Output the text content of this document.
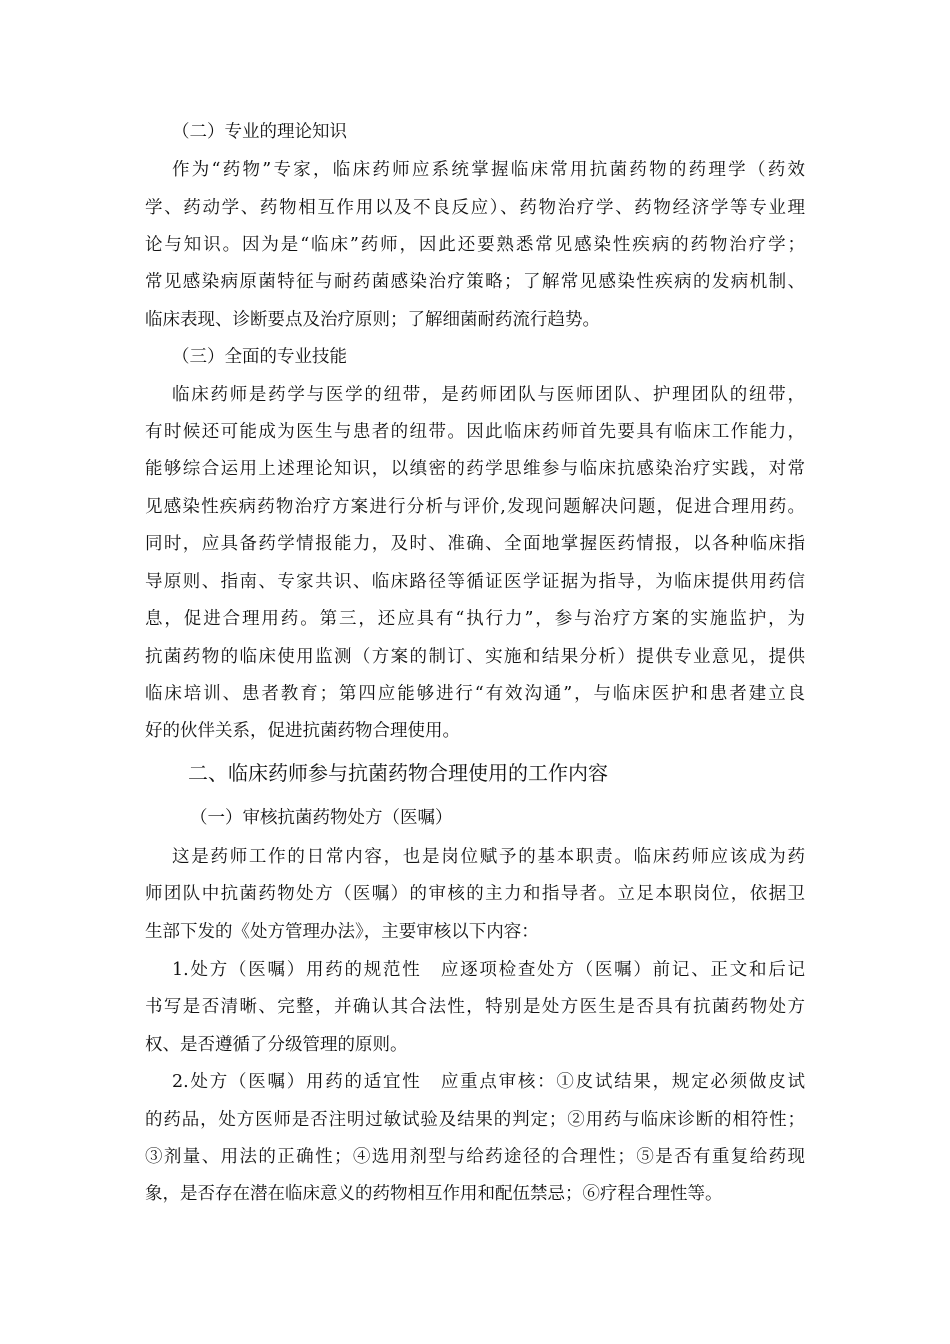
（二）专业的理论知识
作为“药物”专家，临床药师应系统掌握临床常用抗菌药物的药理学（药效
学、药动学、药物相互作用以及不良反应）、药物治疗学、药物经济学等专业理
论与知识。因为是“临床”药师，因此还要熟悉常见感染性疾病的药物治疗学；
常见感染病原菌特征与耐药菌感染治疗策略；了解常见感染性疾病的发病机制、
临床表现、诊断要点及治疗原则；了解细菌耐药流行趋势。
（三）全面的专业技能
临床药师是药学与医学的纽带，是药师团队与医师团队、护理团队的纽带，
有时候还可能成为医生与患者的纽带。因此临床药师首先要具有临床工作能力，
能够综合运用上述理论知识，以缜密的药学思维参与临床抗感染治疗实践，对常
见感染性疾病药物治疗方案进行分析与评价,发现问题解决问题，促进合理用药。
同时，应具备药学情报能力，及时、准确、全面地掌握医药情报，以各种临床指
导原则、指南、专家共识、临床路径等循证医学证据为指导，为临床提供用药信
息，促进合理用药。第三，还应具有“执行力”，参与治疗方案的实施监护，为
抗菌药物的临床使用监测（方案的制订、实施和结果分析）提供专业意见，提供
临床培训、患者教育；第四应能够进行“有效沟通”，与临床医护和患者建立良
好的伙伴关系，促进抗菌药物合理使用。
二、临床药师参与抗菌药物合理使用的工作内容
（一）审核抗菌药物处方（医嘱）
这是药师工作的日常内容，也是岗位赋予的基本职责。临床药师应该成为药
师团队中抗菌药物处方（医嘱）的审核的主力和指导者。立足本职岗位，依据卫
生部下发的《处方管理办法》，主要审核以下内容：
1.处方（医嘱）用药的规范性　应逐项检查处方（医嘱）前记、正文和后记
书写是否清晰、完整，并确认其合法性，特别是处方医生是否具有抗菌药物处方
权、是否遵循了分级管理的原则。
2.处方（医嘱）用药的适宜性　应重点审核：①皮试结果，规定必须做皮试
的药品，处方医师是否注明过敏试验及结果的判定；②用药与临床诊断的相符性；
③剂量、用法的正确性；④选用剂型与给药途径的合理性；⑤是否有重复给药现
象，是否存在潜在临床意义的药物相互作用和配伍禁忌；⑥疗程合理性等。
